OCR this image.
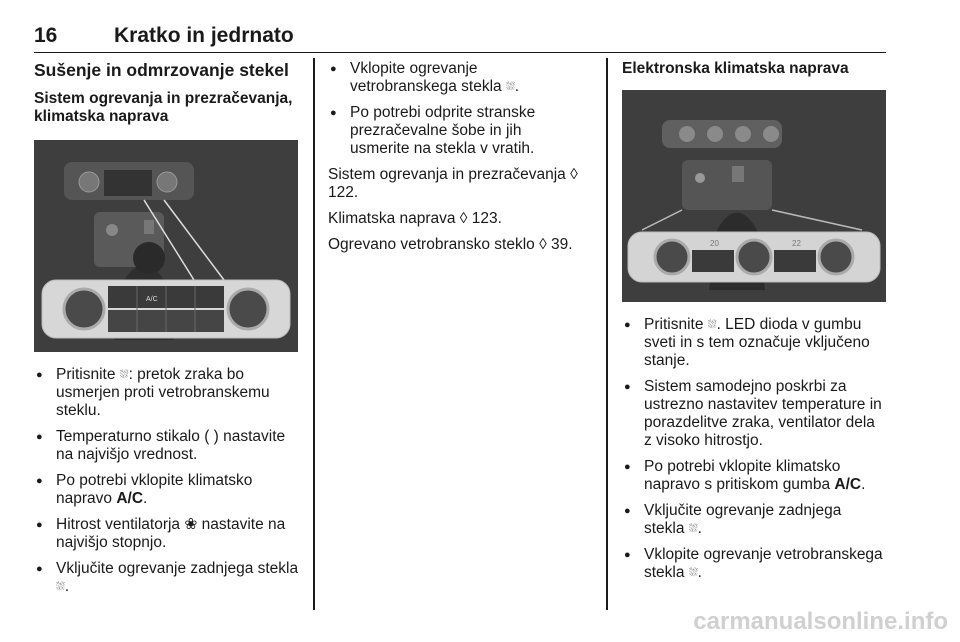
16	Kratko in jedrnato
Sušenje in odmrzovanje stekel
Sistem ogrevanja in prezračevanja, klimatska naprava
A/C
● Pritisnite ⛆: pretok zraka bo usmerjen proti vetrobranskemu steklu.
● Temperaturno stikalo ( ) nastavite na najvišjo vrednost.
● Po potrebi vklopite klimatsko napravo A/C.
● Hitrost ventilatorja ❀ nastavite na najvišjo stopnjo.
● Vključite ogrevanje zadnjega stekla ⛆.
● Vklopite ogrevanje vetrobranskega stekla ⛆.
● Po potrebi odprite stranske prezračevalne šobe in jih usmerite na stekla v vratih.

Sistem ogrevanja in prezračevanja ◊ 122.

Klimatska naprava ◊ 123.

Ogrevano vetrobransko steklo ◊ 39.

Elektronska klimatska naprava
20	22
● Pritisnite ⛆. LED dioda v gumbu sveti in s tem označuje vključeno stanje.
● Sistem samodejno poskrbi za ustrezno nastavitev temperature in porazdelitve zraka, ventilator dela z visoko hitrostjo.
● Po potrebi vklopite klimatsko napravo s pritiskom gumba A/C.
● Vključite ogrevanje zadnjega stekla ⛆.
● Vklopite ogrevanje vetrobranskega stekla ⛆.
carmanualsonline.info
